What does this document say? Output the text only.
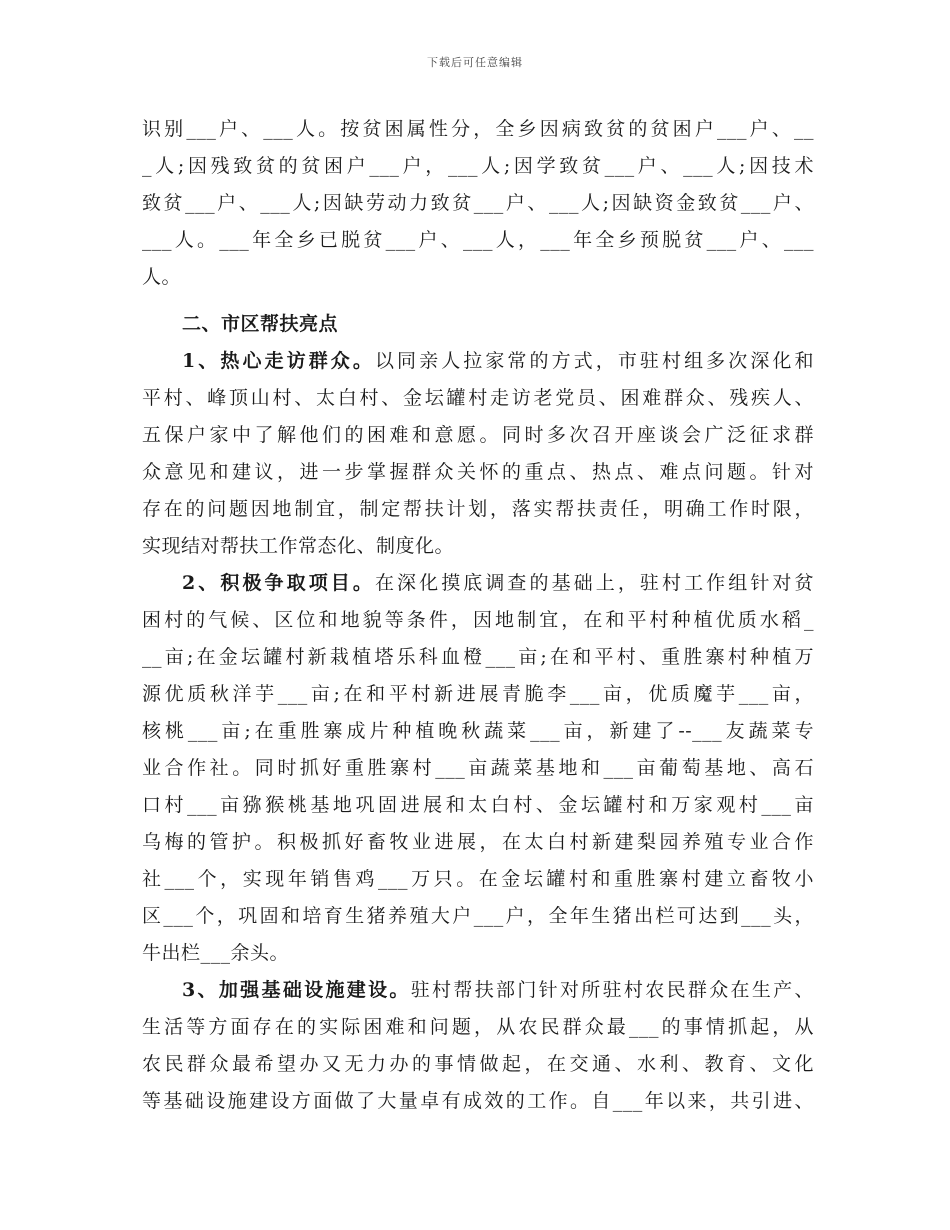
下载后可任意编辑
识别___户、___人。按贫困属性分，全乡因病致贫的贫困户___户、__
_人;因残致贫的贫困户___户，___人;因学致贫___户、___人;因技术
致贫___户、___人;因缺劳动力致贫___户、___人;因缺资金致贫___户、
___人。___年全乡已脱贫___户、___人，___年全乡预脱贫___户、___
人。
二、市区帮扶亮点
1、热心走访群众。以同亲人拉家常的方式，市驻村组多次深化和
平村、峰顶山村、太白村、金坛罐村走访老党员、困难群众、残疾人、
五保户家中了解他们的困难和意愿。同时多次召开座谈会广泛征求群
众意见和建议，进一步掌握群众关怀的重点、热点、难点问题。针对
存在的问题因地制宜，制定帮扶计划，落实帮扶责任，明确工作时限，
实现结对帮扶工作常态化、制度化。
2、积极争取项目。在深化摸底调查的基础上，驻村工作组针对贫
困村的气候、区位和地貌等条件，因地制宜，在和平村种植优质水稻_
__亩;在金坛罐村新栽植塔乐科血橙___亩;在和平村、重胜寨村种植万
源优质秋洋芋___亩;在和平村新进展青脆李___亩，优质魔芋___亩，
核桃___亩;在重胜寨成片种植晚秋蔬菜___亩，新建了--___友蔬菜专
业合作社。同时抓好重胜寨村___亩蔬菜基地和___亩葡萄基地、高石
口村___亩猕猴桃基地巩固进展和太白村、金坛罐村和万家观村___亩
乌梅的管护。积极抓好畜牧业进展，在太白村新建梨园养殖专业合作
社___个，实现年销售鸡___万只。在金坛罐村和重胜寨村建立畜牧小
区___个，巩固和培育生猪养殖大户___户，全年生猪出栏可达到___头，
牛出栏___余头。
3、加强基础设施建设。驻村帮扶部门针对所驻村农民群众在生产、
生活等方面存在的实际困难和问题，从农民群众最___的事情抓起，从
农民群众最希望办又无力办的事情做起，在交通、水利、教育、文化
等基础设施建设方面做了大量卓有成效的工作。自___年以来，共引进、
